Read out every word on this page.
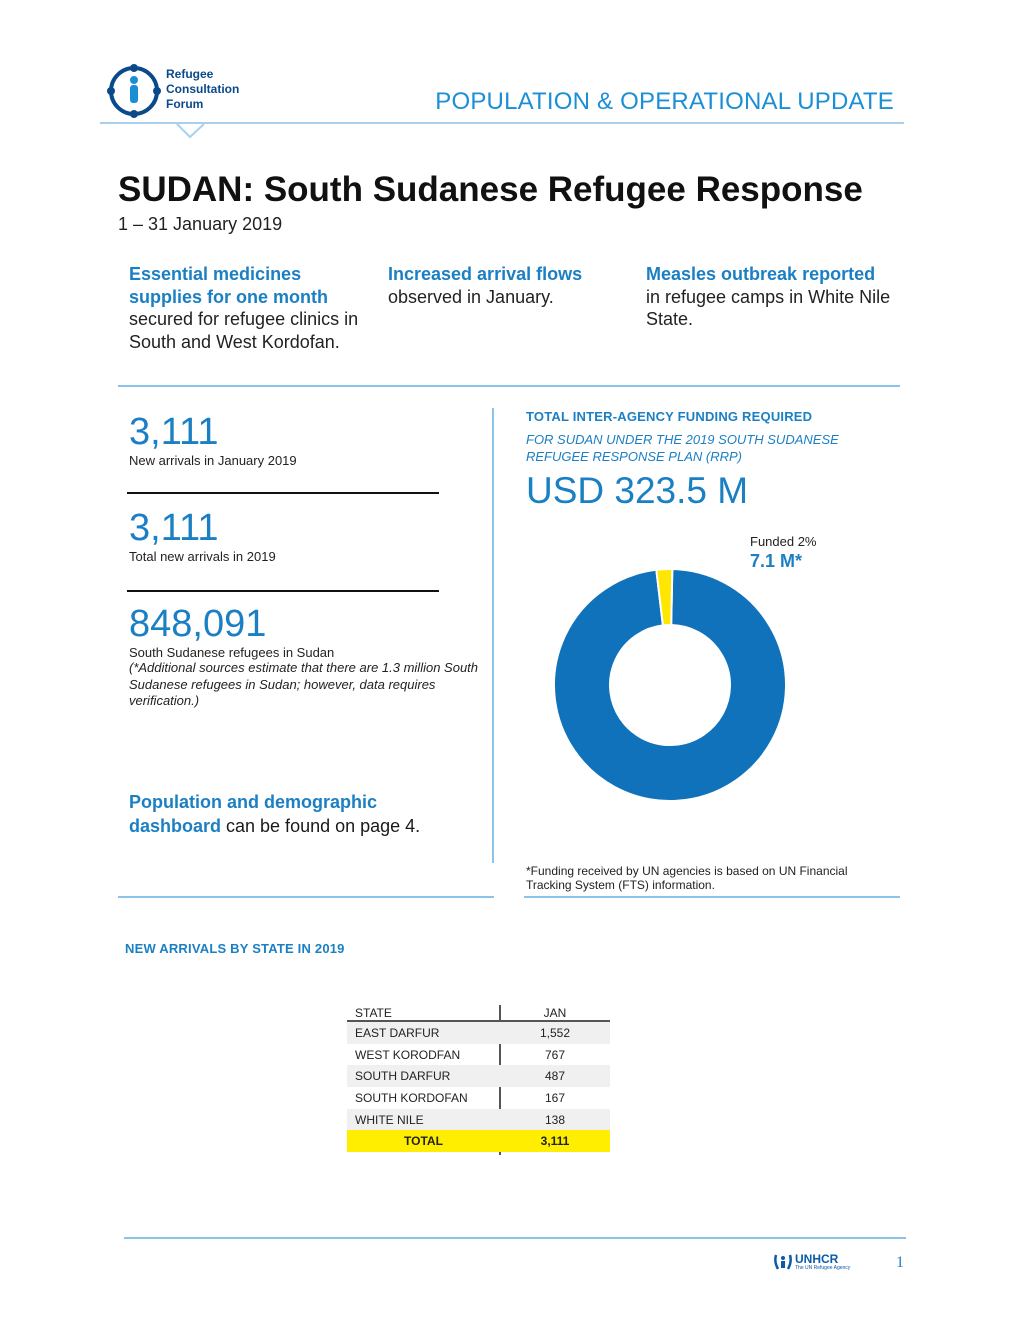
Refugee
Consultation
Forum	POPULATION & OPERATIONAL UPDATE
SUDAN: South Sudanese Refugee Response
1 – 31 January 2019
Essential medicines supplies for one month
secured for refugee clinics in South and West Kordofan.
Increased arrival flows
observed in January.
Measles outbreak reported
in refugee camps in White Nile State.
3,111
New arrivals in January 2019
3,111
Total new arrivals in 2019
848,091
South Sudanese refugees in Sudan
(*Additional sources estimate that there are 1.3 million South Sudanese refugees in Sudan; however, data requires verification.)
Population and demographic dashboard can be found on page 4.
TOTAL INTER-AGENCY FUNDING REQUIRED
FOR SUDAN UNDER THE 2019 SOUTH SUDANESE REFUGEE RESPONSE PLAN (RRP)
USD 323.5 M
Funded 2%
7.1 M*
*Funding received by UN agencies is based on UN Financial Tracking System (FTS) information.
NEW ARRIVALS BY STATE IN 2019
STATE	JAN
EAST DARFUR	1,552
WEST KORODFAN	767
SOUTH DARFUR	487
SOUTH KORDOFAN	167
WHITE NILE	138
TOTAL	3,111
UNHCR
The UN Refugee Agency	1
